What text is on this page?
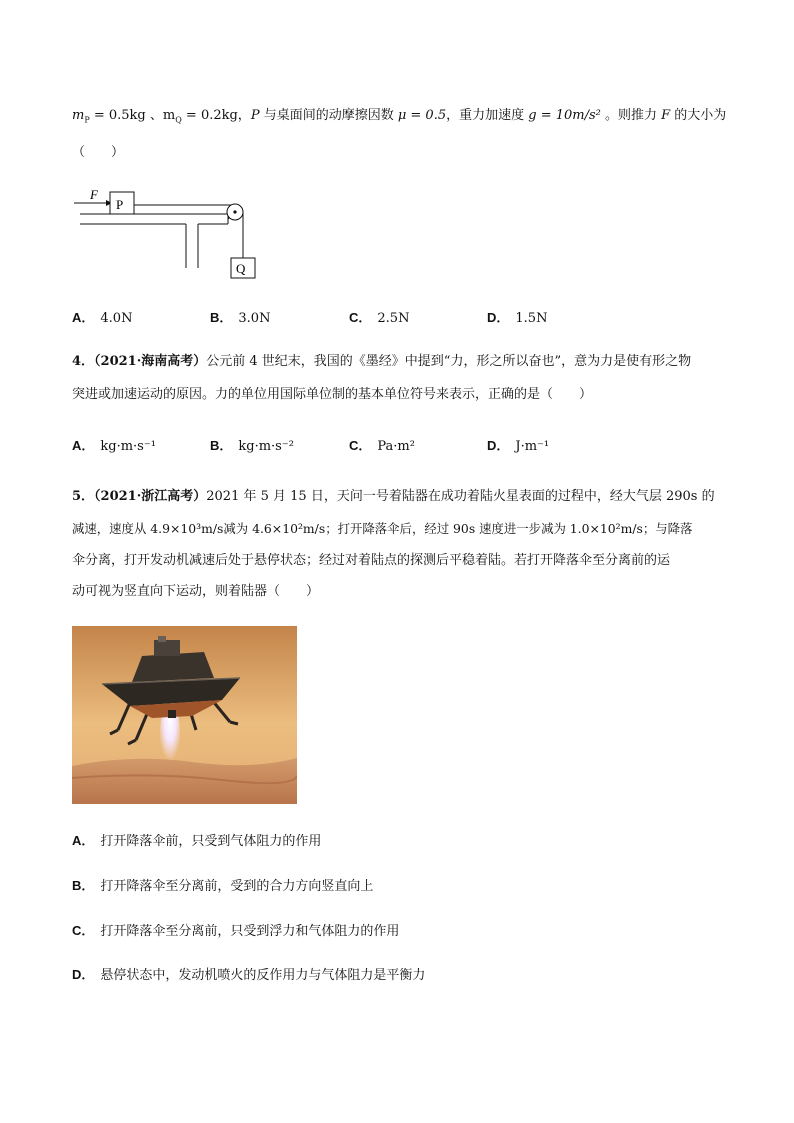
$m_P = 0.5kg$ 、$m_Q = 0.2kg$，P 与桌面间的动摩擦因数 μ = 0.5，重力加速度 g = 10m/s² 。则推力 F 的大小为
（　　）
F
P
Q
A． 4.0N	B． 3.0N	C． 2.5N	D． 1.5N
4．（2021·海南高考）公元前 4 世纪末，我国的《墨经》中提到“力，形之所以奋也”，意为力是使有形之物
突进或加速运动的原因。力的单位用国际单位制的基本单位符号来表示，正确的是（　　）
A． kg·m·s⁻¹	B． kg·m·s⁻²	C． Pa·m²	D． J·m⁻¹
5．（2021·浙江高考）2021 年 5 月 15 日，天问一号着陆器在成功着陆火星表面的过程中，经大气层 290s 的
减速，速度从 4.9×10³m/s减为 4.6×10²m/s；打开降落伞后，经过 90s 速度进一步减为 1.0×10²m/s；与降落
伞分离，打开发动机减速后处于悬停状态；经过对着陆点的探测后平稳着陆。若打开降落伞至分离前的运
动可视为竖直向下运动，则着陆器（　　）
A． 打开降落伞前，只受到气体阻力的作用
B． 打开降落伞至分离前，受到的合力方向竖直向上
C． 打开降落伞至分离前，只受到浮力和气体阻力的作用
D． 悬停状态中，发动机喷火的反作用力与气体阻力是平衡力
